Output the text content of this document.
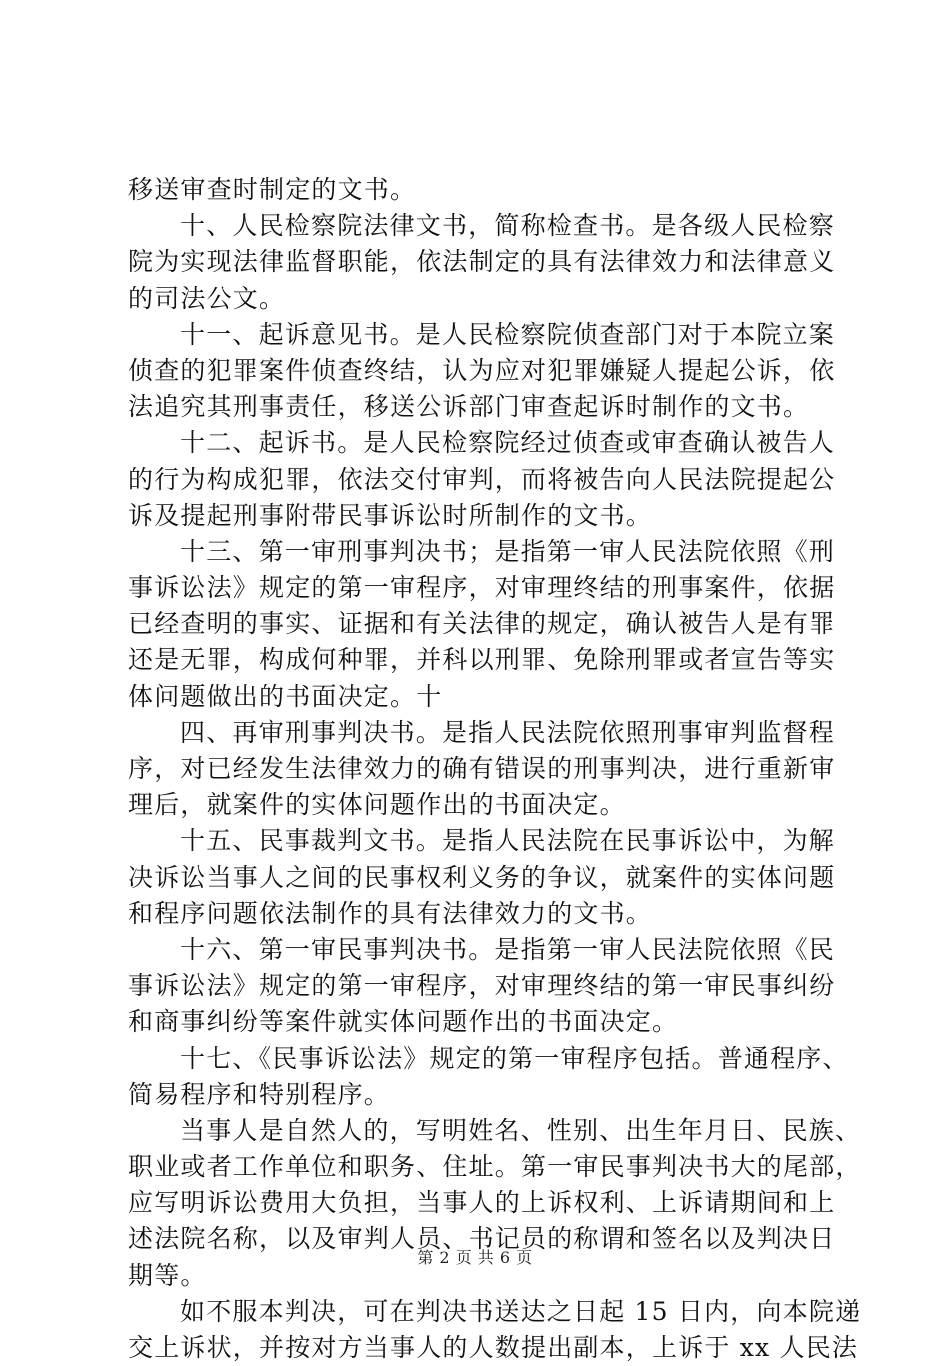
移送审查时制定的文书。
十、人民检察院法律文书，简称检查书。是各级人民检察
院为实现法律监督职能，依法制定的具有法律效力和法律意义
的司法公文。
十一、起诉意见书。是人民检察院侦查部门对于本院立案
侦查的犯罪案件侦查终结，认为应对犯罪嫌疑人提起公诉，依
法追究其刑事责任，移送公诉部门审查起诉时制作的文书。
十二、起诉书。是人民检察院经过侦查或审查确认被告人
的行为构成犯罪，依法交付审判，而将被告向人民法院提起公
诉及提起刑事附带民事诉讼时所制作的文书。
十三、第一审刑事判决书；是指第一审人民法院依照《刑
事诉讼法》规定的第一审程序，对审理终结的刑事案件，依据
已经查明的事实、证据和有关法律的规定，确认被告人是有罪
还是无罪，构成何种罪，并科以刑罪、免除刑罪或者宣告等实
体问题做出的书面决定。十
四、再审刑事判决书。是指人民法院依照刑事审判监督程
序，对已经发生法律效力的确有错误的刑事判决，进行重新审
理后，就案件的实体问题作出的书面决定。
十五、民事裁判文书。是指人民法院在民事诉讼中，为解
决诉讼当事人之间的民事权利义务的争议，就案件的实体问题
和程序问题依法制作的具有法律效力的文书。
十六、第一审民事判决书。是指第一审人民法院依照《民
事诉讼法》规定的第一审程序，对审理终结的第一审民事纠纷
和商事纠纷等案件就实体问题作出的书面决定。
十七、《民事诉讼法》规定的第一审程序包括。普通程序、
简易程序和特别程序。
当事人是自然人的，写明姓名、性别、出生年月日、民族、
职业或者工作单位和职务、住址。第一审民事判决书大的尾部，
应写明诉讼费用大负担，当事人的上诉权利、上诉请期间和上
述法院名称，以及审判人员、书记员的称谓和签名以及判决日
期等。
如不服本判决，可在判决书送达之日起 15 日内，向本院递
交上诉状，并按对方当事人的人数提出副本，上诉于 xx 人民法
第 2 页 共 6 页
